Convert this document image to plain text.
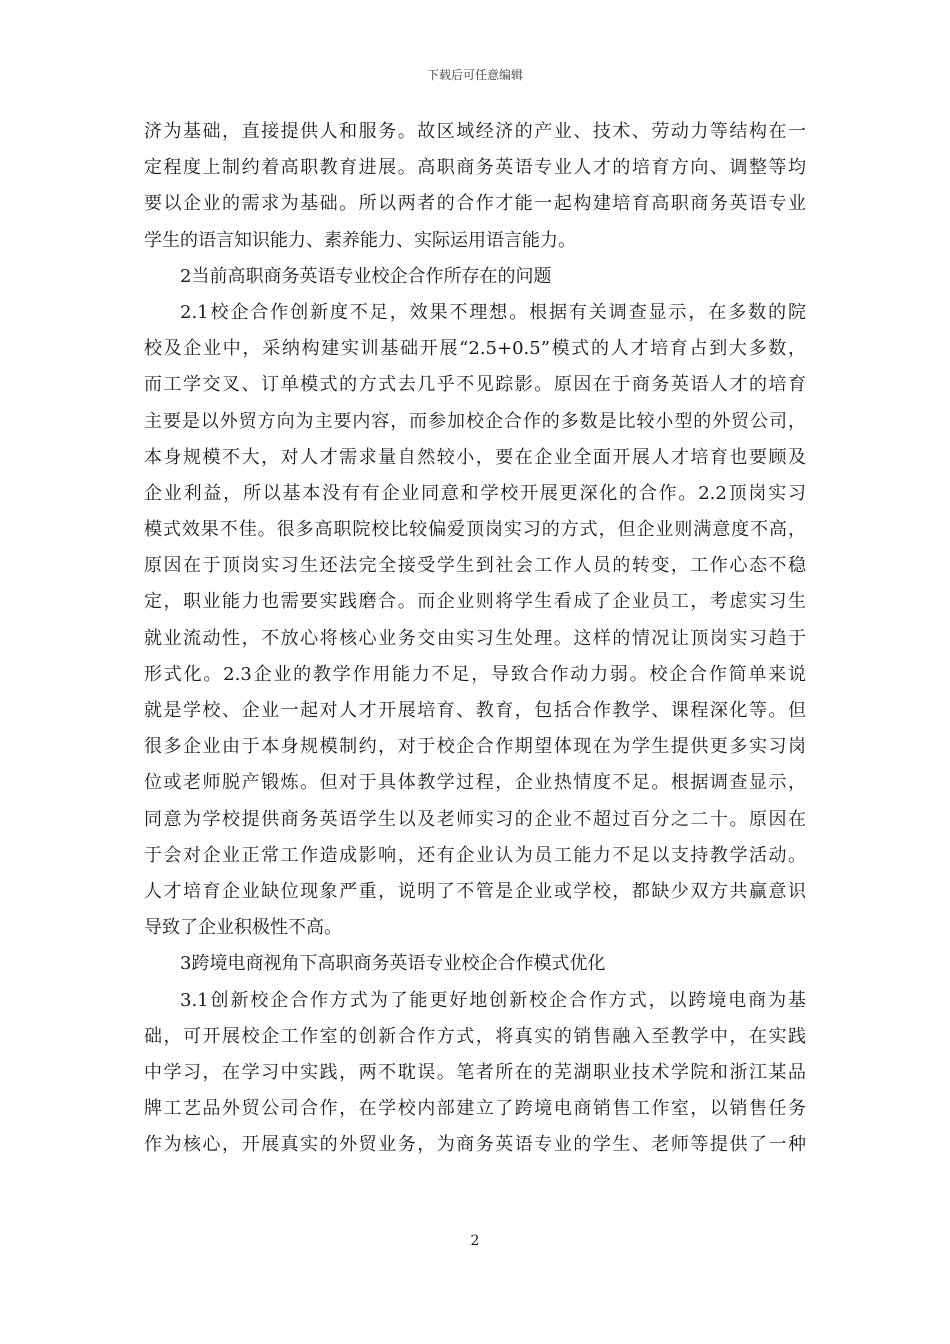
下载后可任意编辑
济为基础，直接提供人和服务。故区域经济的产业、技术、劳动力等结构在一
定程度上制约着高职教育进展。高职商务英语专业人才的培育方向、调整等均
要以企业的需求为基础。所以两者的合作才能一起构建培育高职商务英语专业
学生的语言知识能力、素养能力、实际运用语言能力。
2当前高职商务英语专业校企合作所存在的问题
2.1校企合作创新度不足，效果不理想。根据有关调查显示，在多数的院
校及企业中，采纳构建实训基础开展“2.5+0.5”模式的人才培育占到大多数，
而工学交叉、订单模式的方式去几乎不见踪影。原因在于商务英语人才的培育
主要是以外贸方向为主要内容，而参加校企合作的多数是比较小型的外贸公司，
本身规模不大，对人才需求量自然较小，要在企业全面开展人才培育也要顾及
企业利益，所以基本没有有企业同意和学校开展更深化的合作。2.2顶岗实习
模式效果不佳。很多高职院校比较偏爱顶岗实习的方式，但企业则满意度不高，
原因在于顶岗实习生还法完全接受学生到社会工作人员的转变，工作心态不稳
定，职业能力也需要实践磨合。而企业则将学生看成了企业员工，考虑实习生
就业流动性，不放心将核心业务交由实习生处理。这样的情况让顶岗实习趋于
形式化。2.3企业的教学作用能力不足，导致合作动力弱。校企合作简单来说
就是学校、企业一起对人才开展培育、教育，包括合作教学、课程深化等。但
很多企业由于本身规模制约，对于校企合作期望体现在为学生提供更多实习岗
位或老师脱产锻炼。但对于具体教学过程，企业热情度不足。根据调查显示，
同意为学校提供商务英语学生以及老师实习的企业不超过百分之二十。原因在
于会对企业正常工作造成影响，还有企业认为员工能力不足以支持教学活动。
人才培育企业缺位现象严重，说明了不管是企业或学校，都缺少双方共赢意识
导致了企业积极性不高。
3跨境电商视角下高职商务英语专业校企合作模式优化
3.1创新校企合作方式为了能更好地创新校企合作方式，以跨境电商为基
础，可开展校企工作室的创新合作方式，将真实的销售融入至教学中，在实践
中学习，在学习中实践，两不耽误。笔者所在的芜湖职业技术学院和浙江某品
牌工艺品外贸公司合作，在学校内部建立了跨境电商销售工作室，以销售任务
作为核心，开展真实的外贸业务，为商务英语专业的学生、老师等提供了一种
2
